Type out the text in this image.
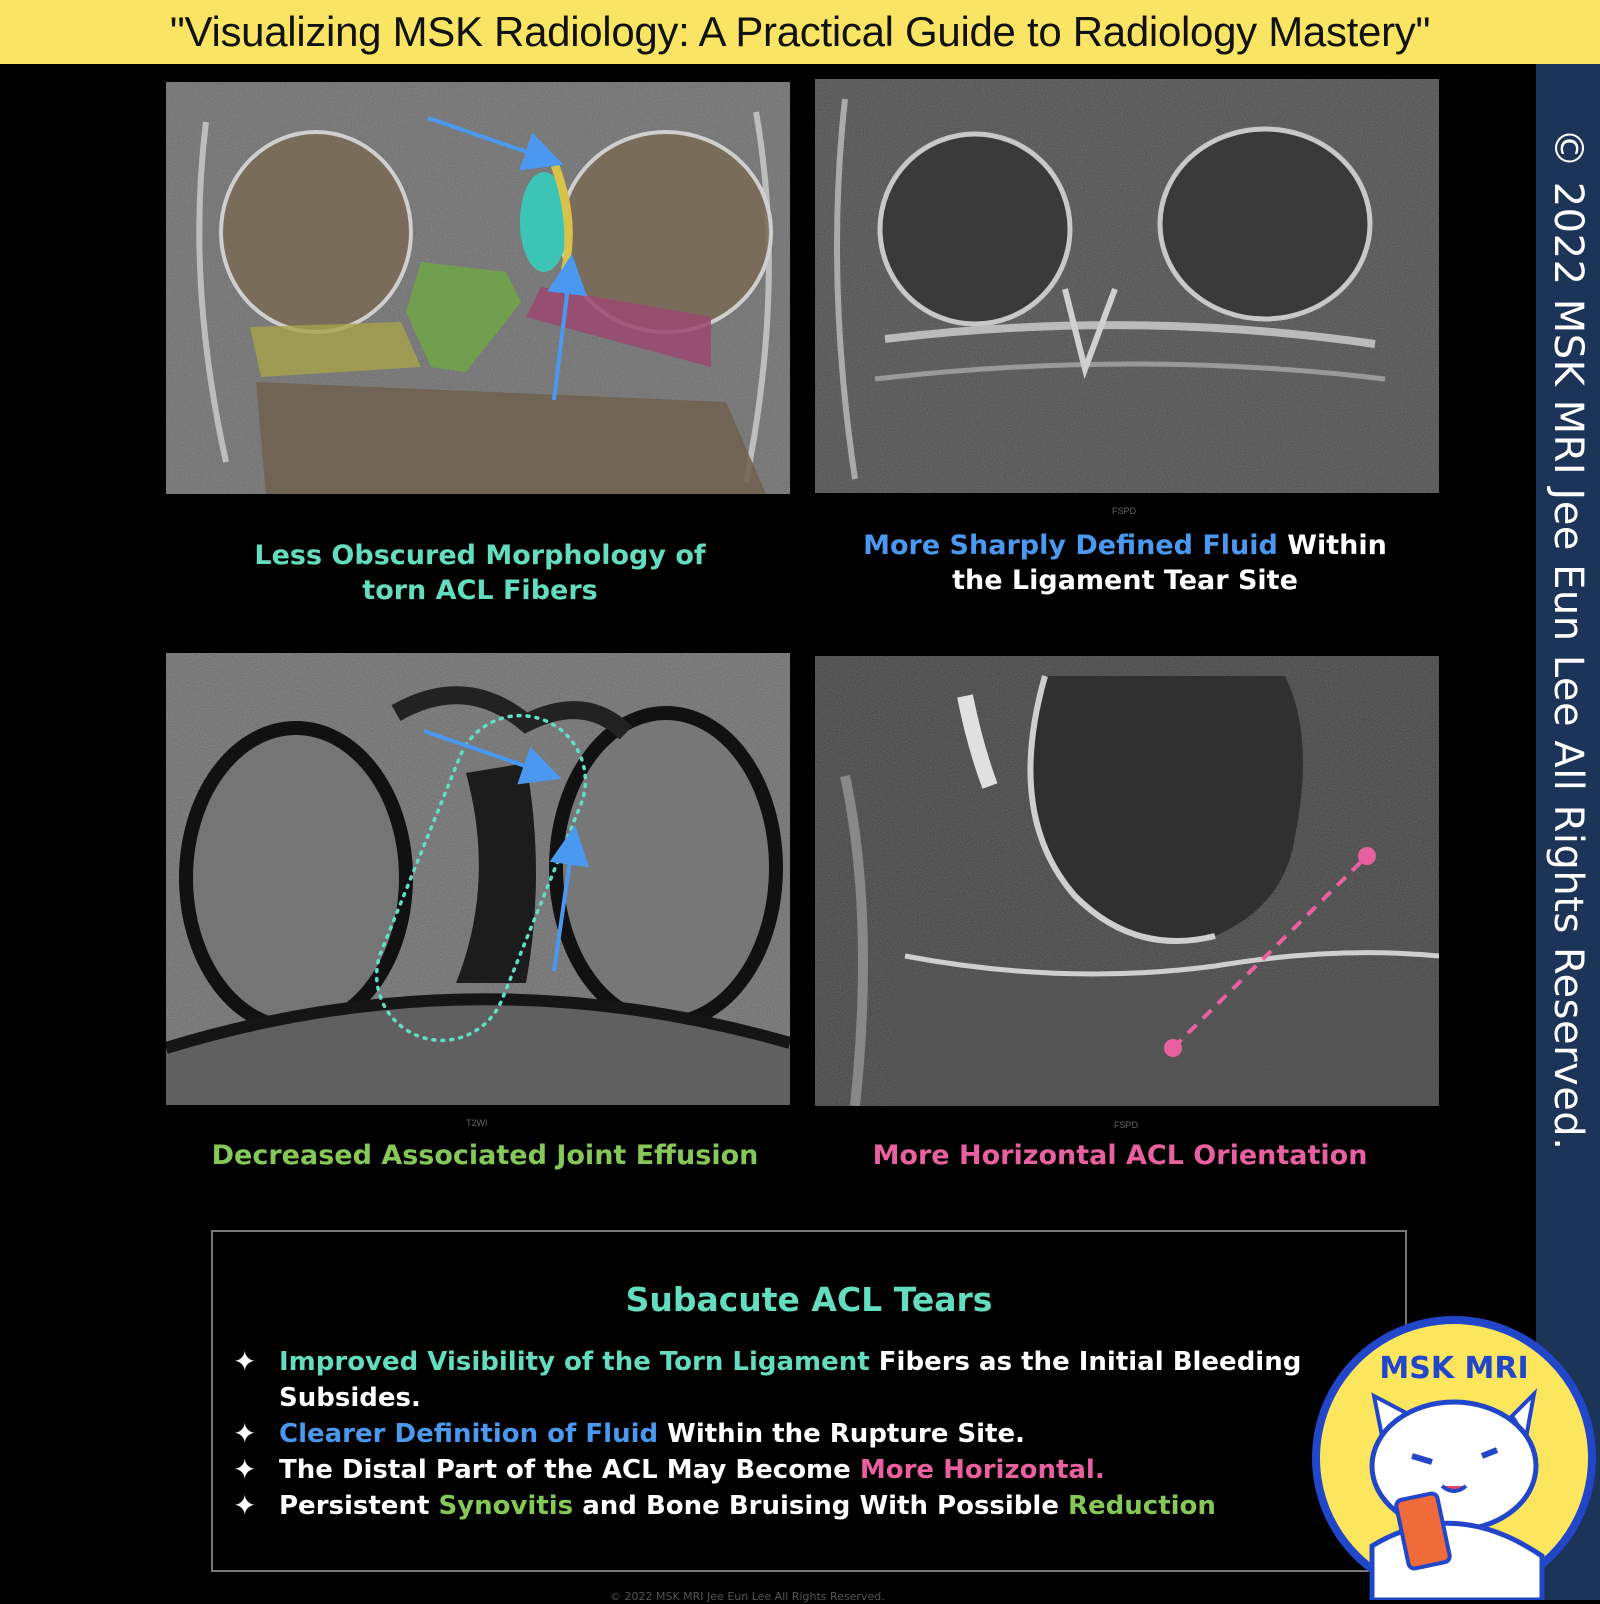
"Visualizing MSK Radiology: A Practical Guide to Radiology Mastery"
© 2022 MSK MRI Jee Eun Lee All Rights Reserved.
FSPD
Less Obscured Morphology of
torn ACL Fibers
More Sharply Defined Fluid Within
the Ligament Tear Site
T2WI	FSPD
Decreased Associated Joint Effusion	More Horizontal ACL Orientation
Subacute ACL Tears
✦ Improved Visibility of the Torn Ligament Fibers as the Initial Bleeding Subsides.
✦ Clearer Definition of Fluid Within the Rupture Site.
✦ The Distal Part of the ACL May Become More Horizontal.
✦ Persistent Synovitis and Bone Bruising With Possible Reduction
© 2022 MSK MRI Jee Eun Lee All Rights Reserved.
MSK MRI
